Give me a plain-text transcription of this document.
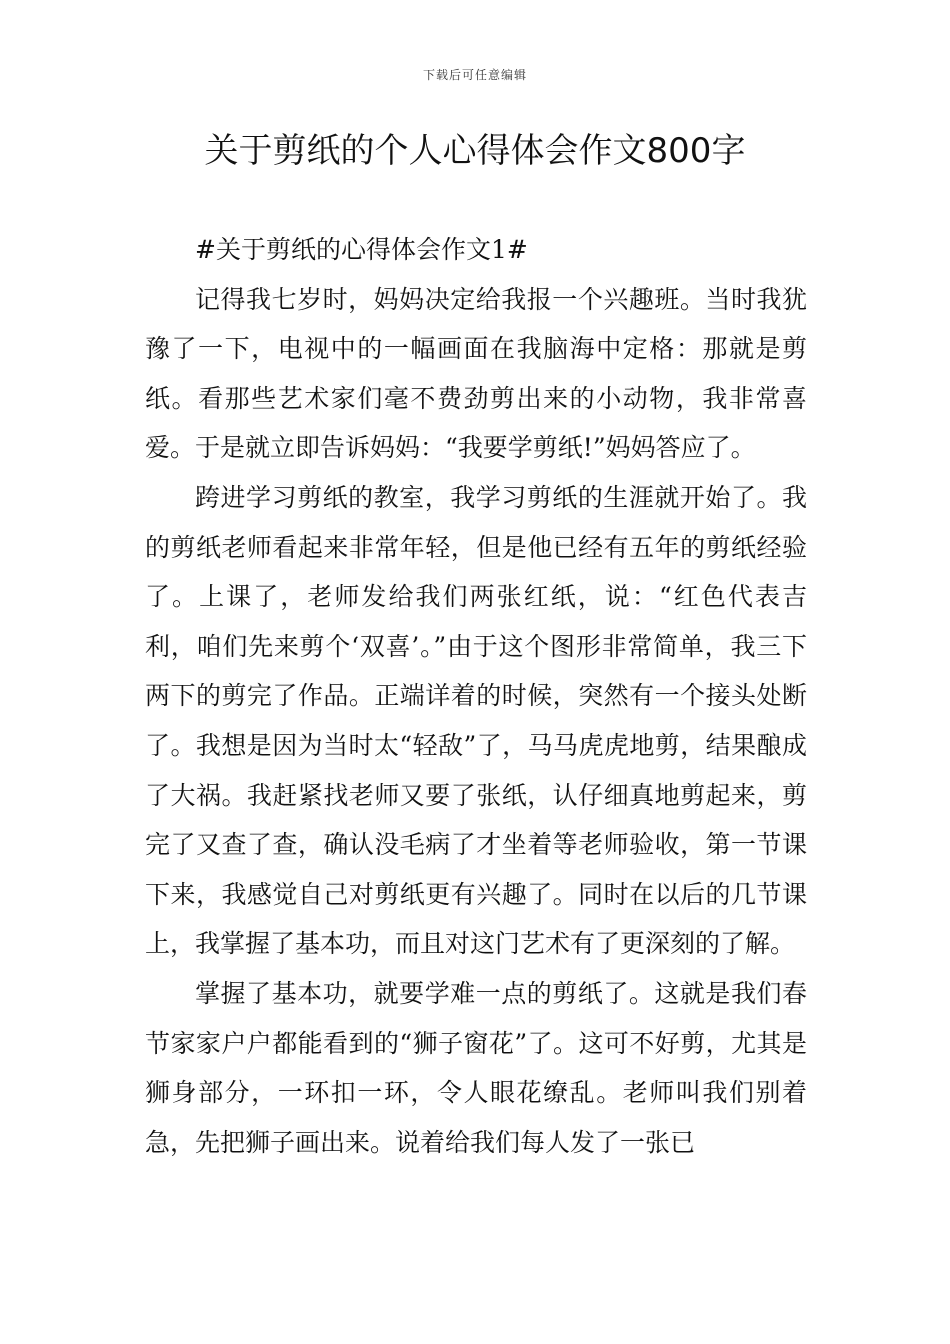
下载后可任意编辑
关于剪纸的个人心得体会作文800字

#关于剪纸的心得体会作文1#

记得我七岁时，妈妈决定给我报一个兴趣班。当时我犹豫了一下，电视中的一幅画面在我脑海中定格：那就是剪纸。看那些艺术家们毫不费劲剪出来的小动物，我非常喜爱。于是就立即告诉妈妈：“我要学剪纸!”妈妈答应了。

跨进学习剪纸的教室，我学习剪纸的生涯就开始了。我的剪纸老师看起来非常年轻，但是他已经有五年的剪纸经验了。上课了，老师发给我们两张红纸，说：“红色代表吉利，咱们先来剪个‘双喜’。”由于这个图形非常简单，我三下两下的剪完了作品。正端详着的时候，突然有一个接头处断了。我想是因为当时太“轻敌”了，马马虎虎地剪，结果酿成了大祸。我赶紧找老师又要了张纸，认仔细真地剪起来，剪完了又查了查，确认没毛病了才坐着等老师验收，第一节课下来，我感觉自己对剪纸更有兴趣了。同时在以后的几节课上，我掌握了基本功，而且对这门艺术有了更深刻的了解。

掌握了基本功，就要学难一点的剪纸了。这就是我们春节家家户户都能看到的“狮子窗花”了。这可不好剪，尤其是狮身部分，一环扣一环，令人眼花缭乱。老师叫我们别着急，先把狮子画出来。说着给我们每人发了一张已
